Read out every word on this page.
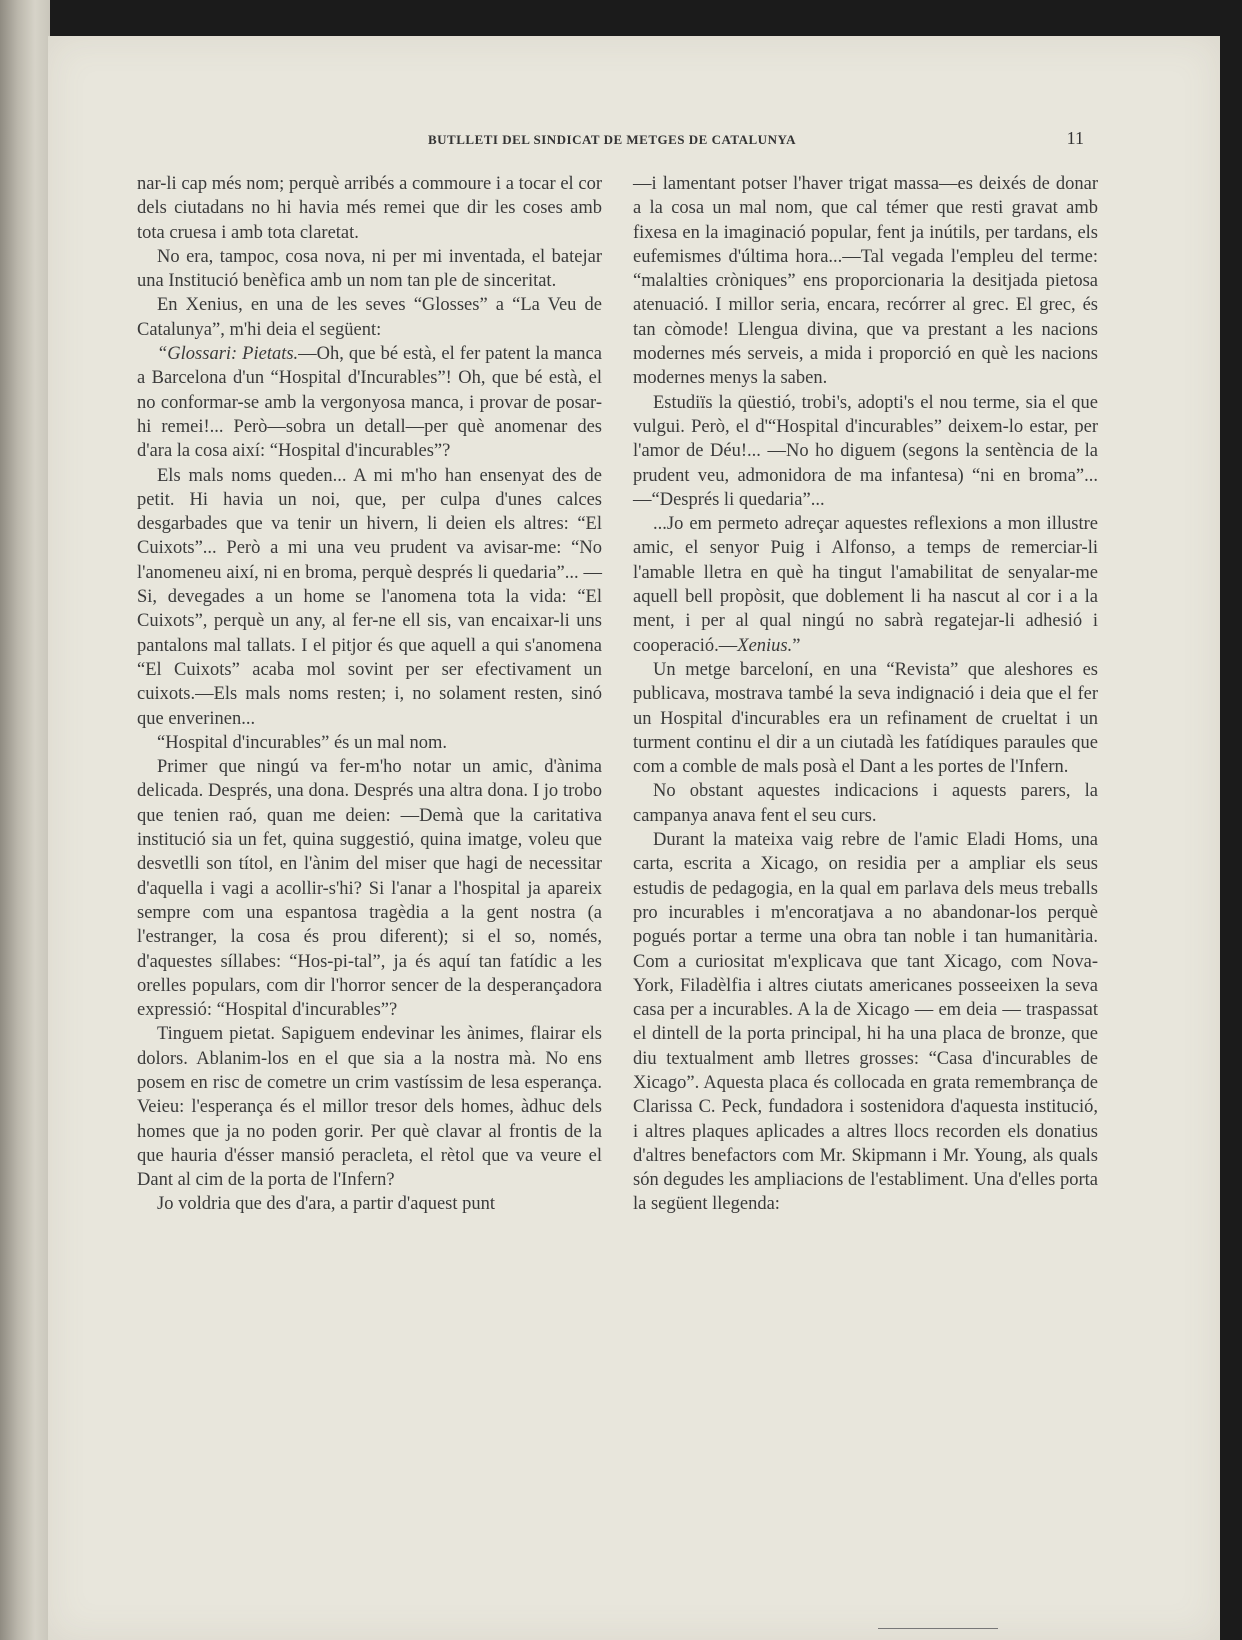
BUTLLETI DEL SINDICAT DE METGES DE CATALUNYA	11

nar-li cap més nom; perquè arribés a commoure i a tocar el cor dels ciutadans no hi havia més remei que dir les coses amb tota cruesa i amb tota claretat.

No era, tampoc, cosa nova, ni per mi inventada, el batejar una Institució benèfica amb un nom tan ple de sinceritat.

En Xenius, en una de les seves “Glosses” a “La Veu de Catalunya”, m'hi deia el següent:

“Glossari: Pietats.—Oh, que bé està, el fer patent la manca a Barcelona d'un “Hospital d'Incurables”! Oh, que bé està, el no conformar-se amb la vergonyosa manca, i provar de posar-hi remei!... Però—sobra un detall—per què anomenar des d'ara la cosa així: “Hospital d'incurables”?

Els mals noms queden... A mi m'ho han ensenyat des de petit. Hi havia un noi, que, per culpa d'unes calces desgarbades que va tenir un hivern, li deien els altres: “El Cuixots”... Però a mi una veu prudent va avisar-me: “No l'anomeneu així, ni en broma, perquè després li quedaria”... —Si, devegades a un home se l'anomena tota la vida: “El Cuixots”, perquè un any, al fer-ne ell sis, van encaixar-li uns pantalons mal tallats. I el pitjor és que aquell a qui s'anomena “El Cuixots” acaba mol sovint per ser efectivament un cuixots.—Els mals noms resten; i, no solament resten, sinó que enverinen...

“Hospital d'incurables” és un mal nom.

Primer que ningú va fer-m'ho notar un amic, d'ànima delicada. Després, una dona. Després una altra dona. I jo trobo que tenien raó, quan me deien: —Demà que la caritativa institució sia un fet, quina suggestió, quina imatge, voleu que desvetlli son títol, en l'ànim del miser que hagi de necessitar d'aquella i vagi a acollir-s'hi? Si l'anar a l'hospital ja apareix sempre com una espantosa tragèdia a la gent nostra (a l'estranger, la cosa és prou diferent); si el so, només, d'aquestes síllabes: “Hos-pi-tal”, ja és aquí tan fatídic a les orelles populars, com dir l'horror sencer de la desperançadora expressió: “Hospital d'incurables”?

Tinguem pietat. Sapiguem endevinar les ànimes, flairar els dolors. Ablanim-los en el que sia a la nostra mà. No ens posem en risc de cometre un crim vastíssim de lesa esperança. Veieu: l'esperança és el millor tresor dels homes, àdhuc dels homes que ja no poden gorir. Per què clavar al frontis de la que hauria d'ésser mansió peracleta, el rètol que va veure el Dant al cim de la porta de l'Infern?

Jo voldria que des d'ara, a partir d'aquest punt

—i lamentant potser l'haver trigat massa—es deixés de donar a la cosa un mal nom, que cal témer que resti gravat amb fixesa en la imaginació popular, fent ja inútils, per tardans, els eufemismes d'última hora...—Tal vegada l'empleu del terme: “malalties cròniques” ens proporcionaria la desitjada pietosa atenuació. I millor seria, encara, recórrer al grec. El grec, és tan còmode! Llengua divina, que va prestant a les nacions modernes més serveis, a mida i proporció en què les nacions modernes menys la saben.

Estudiïs la qüestió, trobi's, adopti's el nou terme, sia el que vulgui. Però, el d'“Hospital d'incurables” deixem-lo estar, per l'amor de Déu!... —No ho diguem (segons la sentència de la prudent veu, admonidora de ma infantesa) “ni en broma”...—“Després li quedaria”...

...Jo em permeto adreçar aquestes reflexions a mon illustre amic, el senyor Puig i Alfonso, a temps de remerciar-li l'amable lletra en què ha tingut l'amabilitat de senyalar-me aquell bell propòsit, que doblement li ha nascut al cor i a la ment, i per al qual ningú no sabrà regatejar-li adhesió i cooperació.—Xenius.”

Un metge barceloní, en una “Revista” que aleshores es publicava, mostrava també la seva indignació i deia que el fer un Hospital d'incurables era un refinament de crueltat i un turment continu el dir a un ciutadà les fatídiques paraules que com a comble de mals posà el Dant a les portes de l'Infern.

No obstant aquestes indicacions i aquests parers, la campanya anava fent el seu curs.

Durant la mateixa vaig rebre de l'amic Eladi Homs, una carta, escrita a Xicago, on residia per a ampliar els seus estudis de pedagogia, en la qual em parlava dels meus treballs pro incurables i m'encoratjava a no abandonar-los perquè pogués portar a terme una obra tan noble i tan humanitària. Com a curiositat m'explicava que tant Xicago, com Nova-York, Filadèlfia i altres ciutats americanes posseeixen la seva casa per a incurables. A la de Xicago — em deia — traspassat el dintell de la porta principal, hi ha una placa de bronze, que diu textualment amb lletres grosses: “Casa d'incurables de Xicago”. Aquesta placa és collocada en grata remembrança de Clarissa C. Peck, fundadora i sostenidora d'aquesta institució, i altres plaques aplicades a altres llocs recorden els donatius d'altres benefactors com Mr. Skipmann i Mr. Young, als quals són degudes les ampliacions de l'establiment. Una d'elles porta la següent llegenda:
